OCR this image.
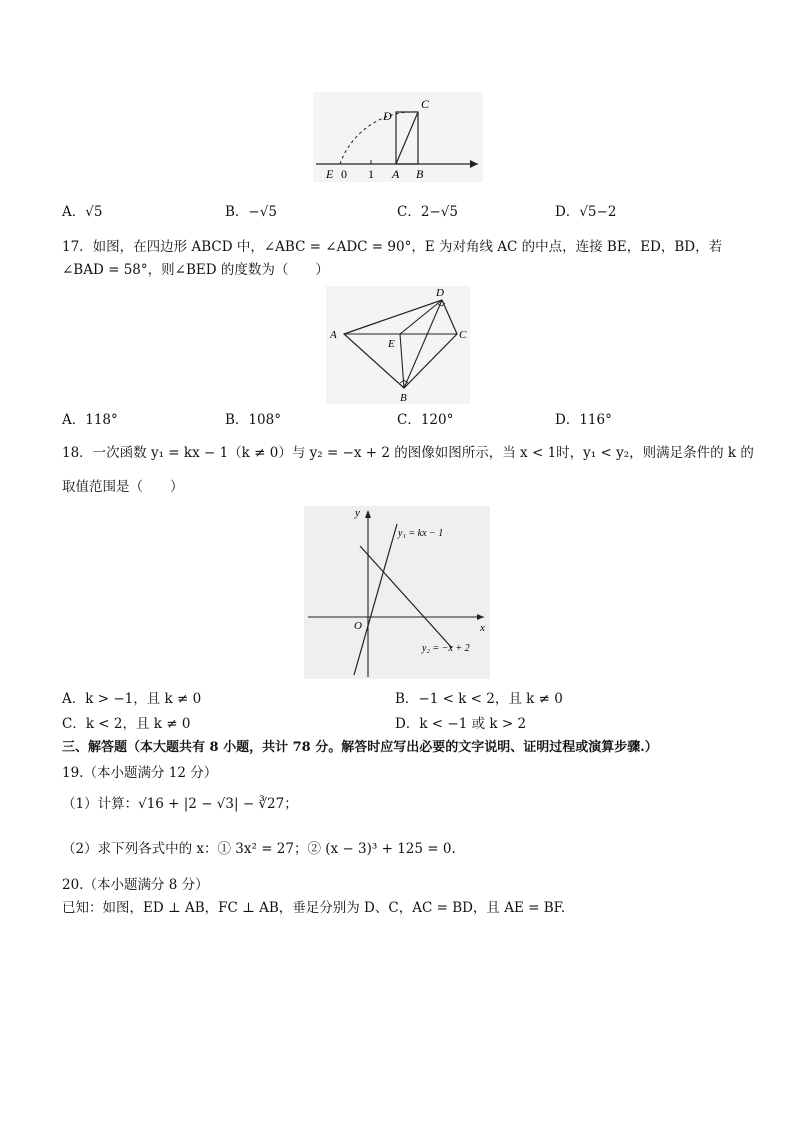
C
D
E 0 1 A B
A．√5	B．−√5	C．2−√5	D．√5−2
17．如图，在四边形 ABCD 中，∠ABC = ∠ADC = 90°，E 为对角线 AC 的中点，连接 BE，ED，BD，若
∠BAD = 58°，则∠BED 的度数为（　　）
A
D
C
E
B
A．118°	B．108°	C．120°	D．116°
18．一次函数 y₁ = kx − 1（k ≠ 0）与 y₂ = −x + 2 的图像如图所示，当 x < 1时，y₁ < y₂，则满足条件的 k 的
取值范围是（　　）
y
x
O
y₁ = kx − 1
y₂ = −x + 2
A．k > −1，且 k ≠ 0	B．−1 < k < 2，且 k ≠ 0
C．k < 2，且 k ≠ 0	D．k < −1 或 k > 2
三、解答题（本大题共有 8 小题，共计 78 分。解答时应写出必要的文字说明、证明过程或演算步骤.）
19.（本小题满分 12 分）
（1）计算：√16 + |2 − √3| − ∛27；
（2）求下列各式中的 x：① 3x² = 27；② (x − 3)³ + 125 = 0.
20.（本小题满分 8 分）
已知：如图，ED ⊥ AB，FC ⊥ AB，垂足分别为 D、C，AC = BD，且 AE = BF.
